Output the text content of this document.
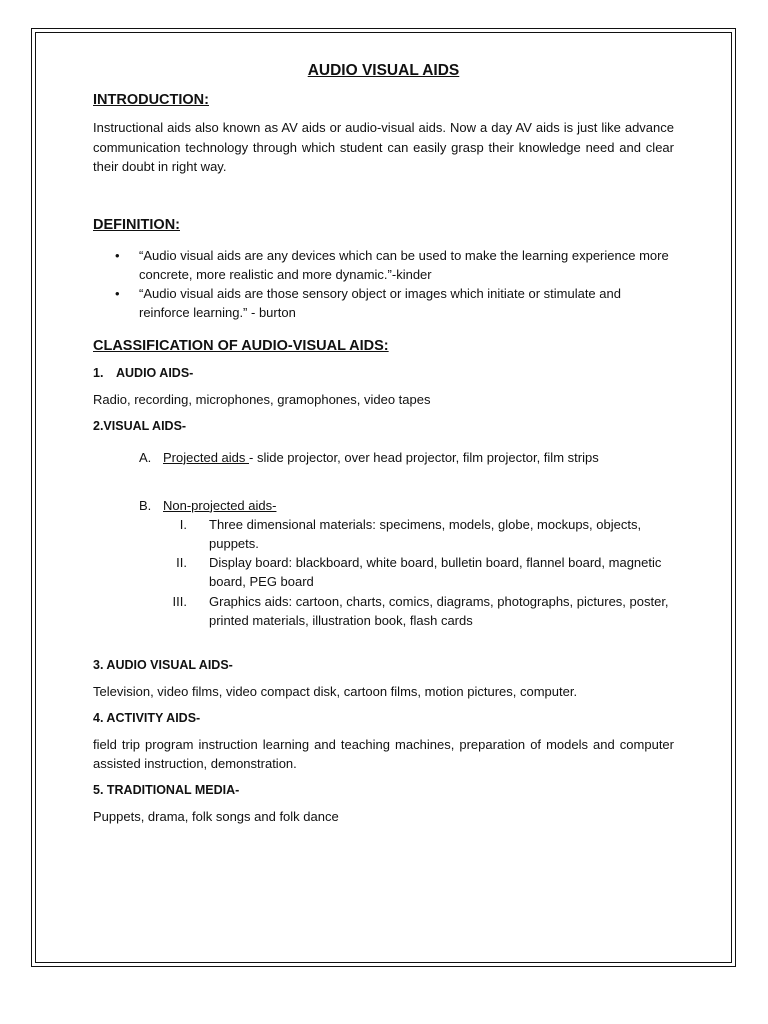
AUDIO VISUAL AIDS
INTRODUCTION:

Instructional aids also known as AV aids or audio-visual aids. Now a day AV aids is just like advance communication technology through which student can easily grasp their knowledge need and clear their doubt in right way.

DEFINITION:
• “Audio visual aids are any devices which can be used to make the learning experience more concrete, more realistic and more dynamic.”-kinder
• “Audio visual aids are those sensory object or images which initiate or stimulate and reinforce learning.” - burton
CLASSIFICATION OF AUDIO-VISUAL AIDS:
1. AUDIO AIDS-

Radio, recording, microphones, gramophones, video tapes

2.VISUAL AIDS-
A. Projected aids - slide projector, over head projector, film projector, film strips
B. Non-projected aids-
I. Three dimensional materials: specimens, models, globe, mockups, objects, puppets.
II. Display board: blackboard, white board, bulletin board, flannel board, magnetic board, PEG board
III. Graphics aids: cartoon, charts, comics, diagrams, photographs, pictures, poster, printed materials, illustration book, flash cards
3. AUDIO VISUAL AIDS-

Television, video films, video compact disk, cartoon films, motion pictures, computer.

4. ACTIVITY AIDS-

field trip program instruction learning and teaching machines, preparation of models and computer assisted instruction, demonstration.

5. TRADITIONAL MEDIA-

Puppets, drama, folk songs and folk dance
